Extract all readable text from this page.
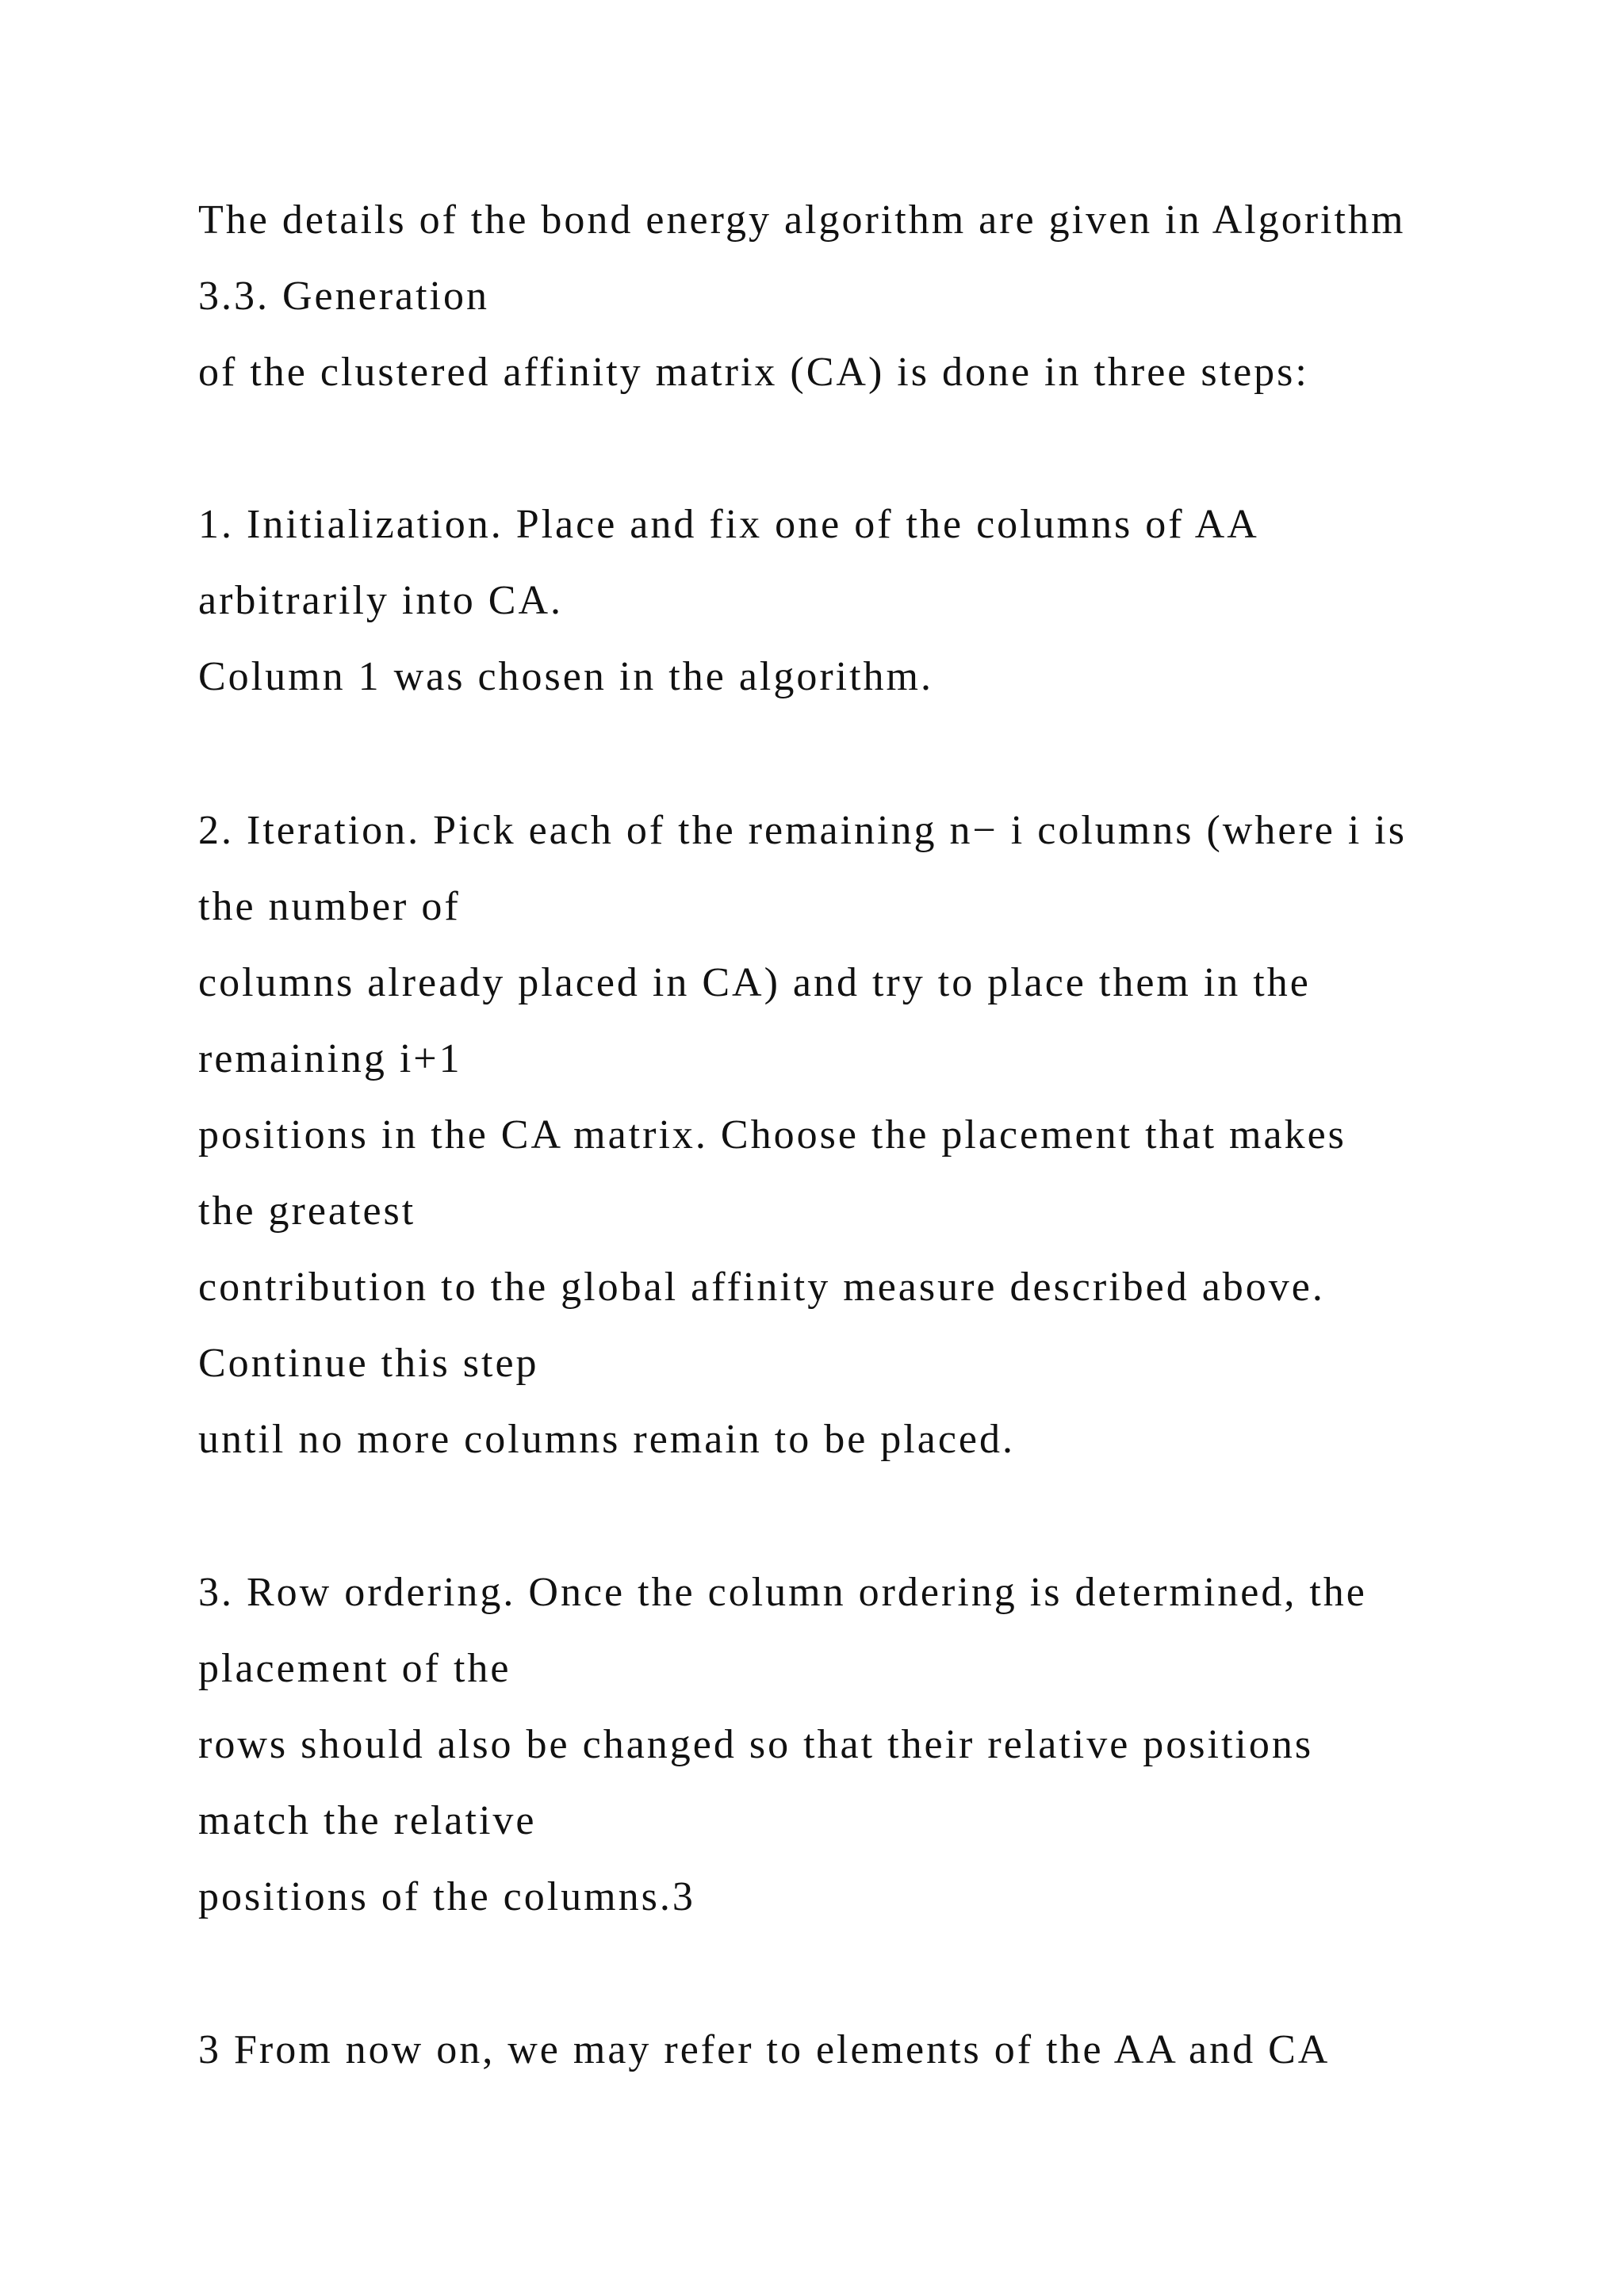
The details of the bond energy algorithm are given in Algorithm
3.3. Generation
of the clustered affinity matrix (CA) is done in three steps:
1. Initialization. Place and fix one of the columns of AA
arbitrarily into CA.
Column 1 was chosen in the algorithm.
2. Iteration. Pick each of the remaining n− i columns (where i is
the number of
columns already placed in CA) and try to place them in the
remaining i+1
positions in the CA matrix. Choose the placement that makes
the greatest
contribution to the global affinity measure described above.
Continue this step
until no more columns remain to be placed.
3. Row ordering. Once the column ordering is determined, the
placement of the
rows should also be changed so that their relative positions
match the relative
positions of the columns.3
3 From now on, we may refer to elements of the AA and CA
